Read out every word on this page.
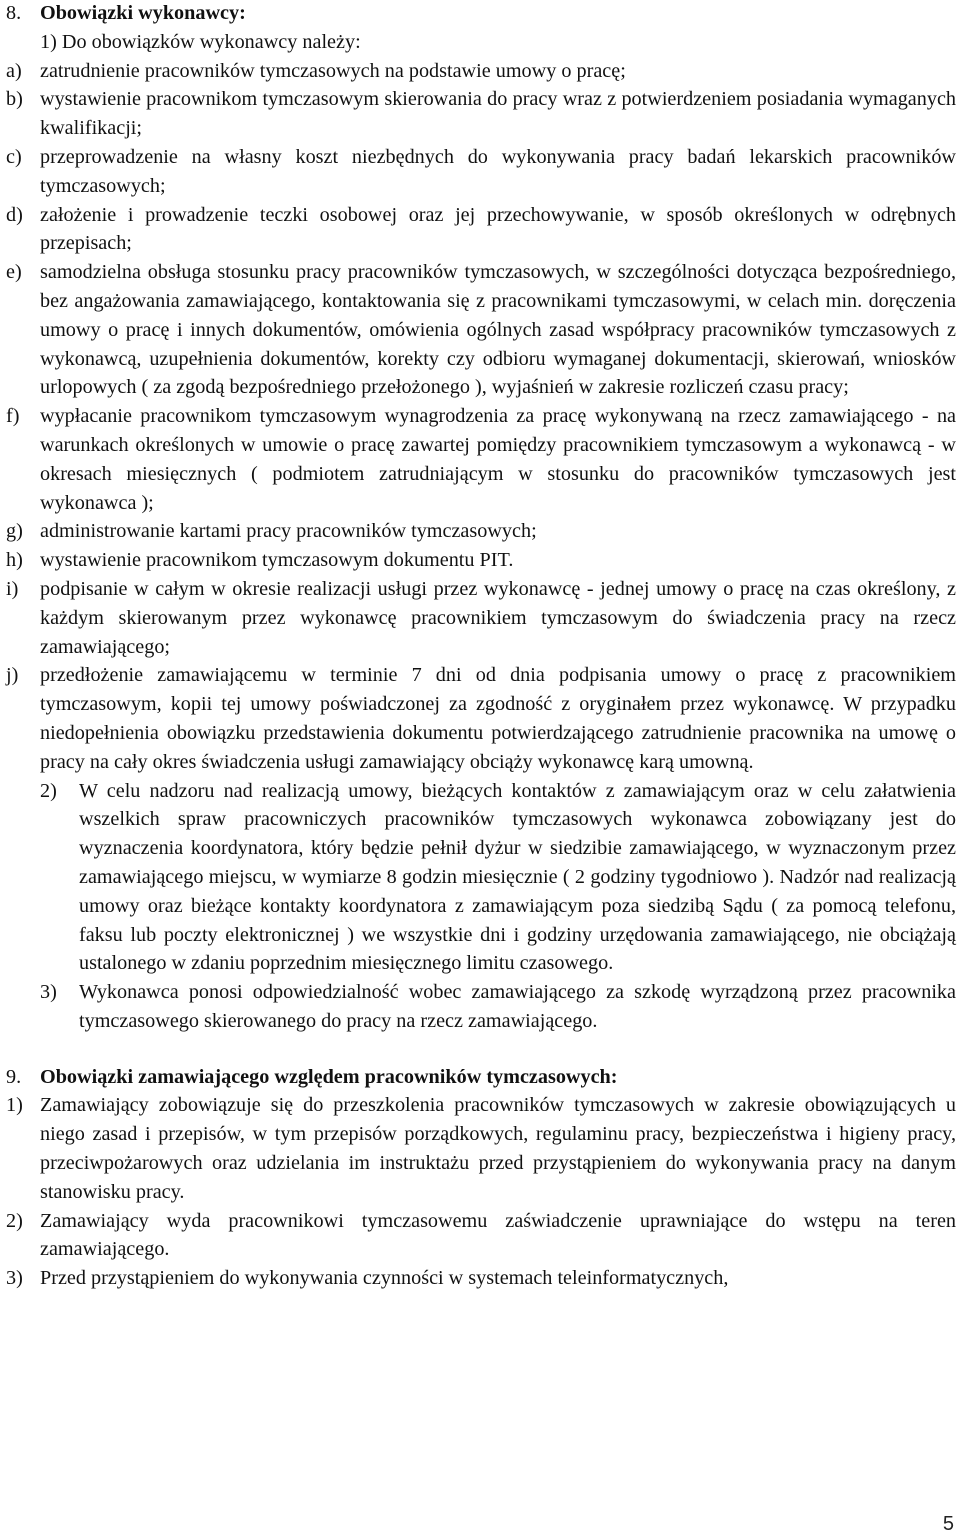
8. Obowiązki wykonawcy:
1) Do obowiązków wykonawcy należy:
a) zatrudnienie pracowników tymczasowych na podstawie umowy o pracę;
b) wystawienie pracownikom tymczasowym skierowania do pracy wraz z potwierdzeniem posiadania wymaganych kwalifikacji;
c) przeprowadzenie na własny koszt niezbędnych do wykonywania pracy badań lekarskich pracowników tymczasowych;
d) założenie i prowadzenie teczki osobowej oraz jej przechowywanie, w sposób określonych w odrębnych przepisach;
e) samodzielna obsługa stosunku pracy pracowników tymczasowych, w szczególności dotycząca bezpośredniego, bez angażowania zamawiającego, kontaktowania się z pracownikami tymczasowymi, w celach min. doręczenia umowy o pracę i innych dokumentów, omówienia ogólnych zasad współpracy pracowników tymczasowych z wykonawcą, uzupełnienia dokumentów, korekty czy odbioru wymaganej dokumentacji, skierowań, wniosków urlopowych ( za zgodą bezpośredniego przełożonego ), wyjaśnień w zakresie rozliczeń czasu pracy;
f)	wypłacanie pracownikom tymczasowym wynagrodzenia za pracę wykonywaną na rzecz zamawiającego - na warunkach określonych w umowie o pracę zawartej pomiędzy pracownikiem tymczasowym a wykonawcą - w okresach miesięcznych ( podmiotem zatrudniającym w stosunku do pracowników tymczasowych jest wykonawca );
g) administrowanie kartami pracy pracowników tymczasowych;
h) wystawienie pracownikom tymczasowym dokumentu PIT.
i)	podpisanie w całym w okresie realizacji usługi przez wykonawcę - jednej umowy o pracę na czas określony, z każdym skierowanym przez wykonawcę pracownikiem tymczasowym do świadczenia pracy na rzecz zamawiającego;
j)	przedłożenie zamawiającemu w terminie 7 dni od dnia podpisania umowy o pracę z pracownikiem tymczasowym, kopii tej umowy poświadczonej za zgodność z oryginałem przez wykonawcę. W przypadku niedopełnienia obowiązku przedstawienia dokumentu potwierdzającego zatrudnienie pracownika na umowę o pracy na cały okres świadczenia usługi zamawiający obciąży wykonawcę karą umowną.
2)	W celu nadzoru nad realizacją umowy, bieżących kontaktów z zamawiającym oraz w celu załatwienia wszelkich spraw pracowniczych pracowników tymczasowych wykonawca zobowiązany jest do wyznaczenia koordynatora, który będzie pełnił dyżur w siedzibie zamawiającego, w wyznaczonym przez zamawiającego miejscu, w wymiarze 8 godzin miesięcznie ( 2 godziny tygodniowo ). Nadzór nad realizacją umowy oraz bieżące kontakty koordynatora z zamawiającym poza siedzibą Sądu ( za pomocą telefonu, faksu lub poczty elektronicznej ) we wszystkie dni i godziny urzędowania zamawiającego, nie obciążają ustalonego w zdaniu poprzednim miesięcznego limitu czasowego.
3)	Wykonawca ponosi odpowiedzialność wobec zamawiającego za szkodę wyrządzoną przez pracownika tymczasowego skierowanego do pracy na rzecz zamawiającego.
9. Obowiązki zamawiającego względem pracowników tymczasowych:
1) Zamawiający zobowiązuje się do przeszkolenia pracowników tymczasowych w zakresie obowiązujących u niego zasad i przepisów, w tym przepisów porządkowych, regulaminu pracy, bezpieczeństwa i higieny pracy, przeciwpożarowych oraz udzielania im instruktażu przed przystąpieniem do wykonywania pracy na danym stanowisku pracy.
2) Zamawiający wyda pracownikowi tymczasowemu zaświadczenie uprawniające do wstępu na teren zamawiającego.
3) Przed przystąpieniem do wykonywania czynności w systemach teleinformatycznych,
5
